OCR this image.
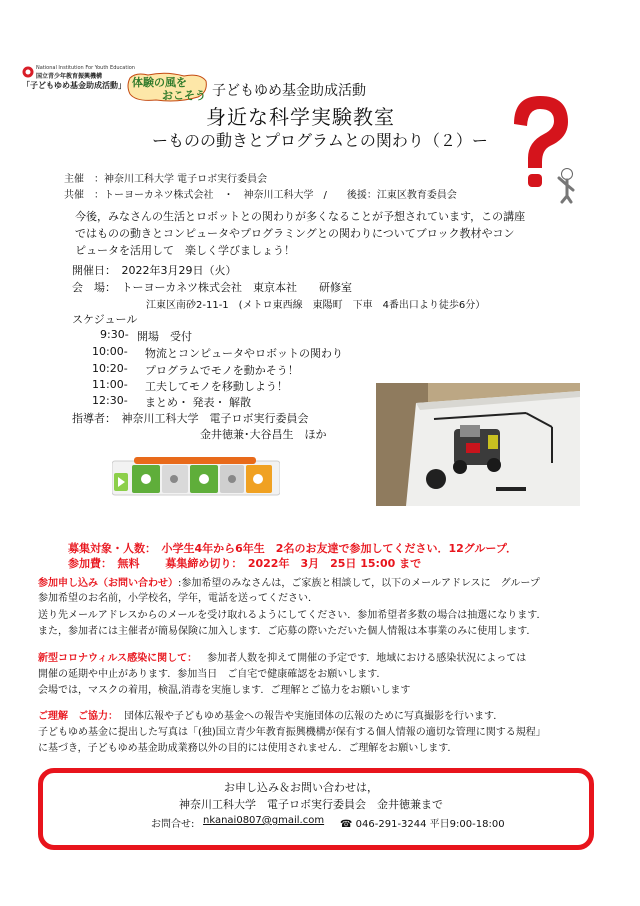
National Institution For Youth Education
国立青少年教育振興機構
「子どもゆめ基金助成活動」 体験の風を
おこそう 子どもゆめ基金助成活動
身近な科学実験教室
ーものの動きとプログラムとの関わり（２）ー
主催　：神奈川工科大学 電子ロボ実行委員会
共催　：トーヨーカネツ株式会社　・　神奈川工科大学　/　　後援：江東区教育委員会
今後，みなさんの生活とロボットとの関わりが多くなることが予想されています，この講座
ではものの動きとコンピュータやプログラミングとの関わりについてブロック教材やコン
ピュータを活用して　楽しく学びましょう！
開催日：　2022年3月29日（火）
会　場：　トーヨーカネツ株式会社　東京本社　　研修室
江東区南砂2-11-1　(メトロ東西線　東陽町　下車　4番出口より徒歩6分）
スケジュール
9:30- 開場　受付
10:00- 物流とコンピュータやロボットの関わり
10:20- プログラムでモノを動かそう！
11:00- 工夫してモノを移動しよう！
12:30- まとめ・ 発表・ 解散
指導者：　神奈川工科大学　電子ロボ実行委員会
金井徳兼･大谷昌生　ほか
募集対象・人数：　小学生4年から6年生　2名のお友達で参加してください．12グループ．
参加費：　無料　　 募集締め切り：　2022年　3月　25日 15:00 まで
参加申し込み（お問い合わせ）:参加希望のみなさんは，ご家族と相談して，以下のメールアドレスに　グループ
参加希望のお名前，小学校名，学年，電話を送ってください．
送り先メールアドレスからのメールを受け取れるようにしてください．参加希望者多数の場合は抽選になります．
また，参加者には主催者が簡易保険に加入します．ご応募の際いただいた個人情報は本事業のみに使用します．
新型コロナウィルス感染に関して： 参加者人数を抑えて開催の予定です．地域における感染状況によっては
開催の延期や中止があります．参加当日　ご自宅で健康確認をお願いします．
会場では，マスクの着用，検温,消毒を実施します．ご理解とご協力をお願いします
ご理解　ご協力： 団体広報や子どもゆめ基金への報告や実施団体の広報のために写真撮影を行います．
子どもゆめ基金に提出した写真は「(独)国立青少年教育振興機構が保有する個人情報の適切な管理に関する規程」
に基づき，子どもゆめ基金助成業務以外の目的には使用されません．ご理解をお願いします．
お申し込み＆お問い合わせは，
神奈川工科大学　電子ロボ実行委員会　金井徳兼まで
お問合せ: nkanai0807@gmail.com ☎ 046-291-3244 平日9:00-18:00
